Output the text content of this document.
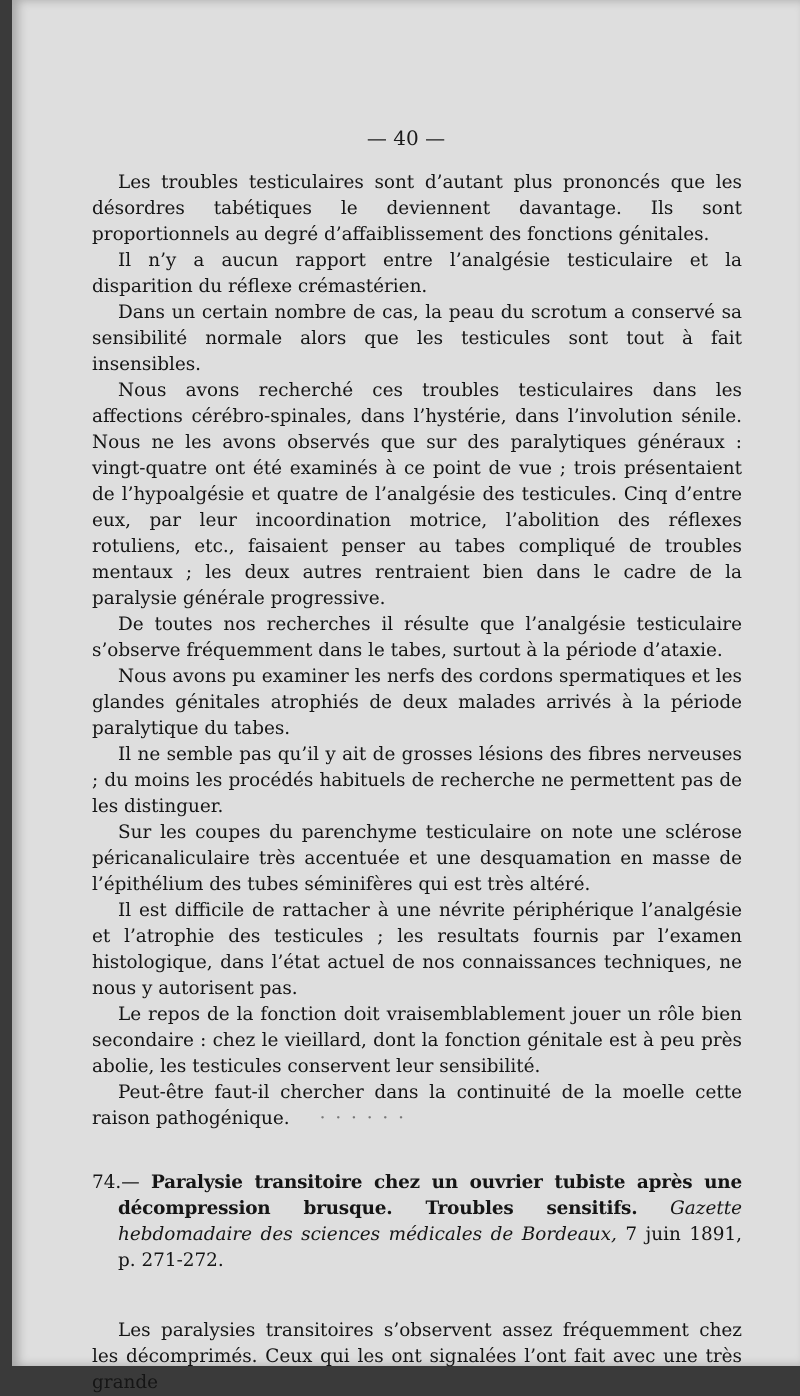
— 40 —

Les troubles testiculaires sont d’autant plus prononcés que les désordres tabétiques le deviennent davantage. Ils sont proportionnels au degré d’affaiblissement des fonctions génitales.

Il n’y a aucun rapport entre l’analgésie testiculaire et la disparition du réflexe crémastérien.

Dans un certain nombre de cas, la peau du scrotum a conservé sa sensibilité normale alors que les testicules sont tout à fait insensibles.

Nous avons recherché ces troubles testiculaires dans les affections cérébro-spinales, dans l’hystérie, dans l’involution sénile. Nous ne les avons observés que sur des paralytiques généraux : vingt-quatre ont été examinés à ce point de vue ; trois présentaient de l’hypoalgésie et quatre de l’analgésie des testicules. Cinq d’entre eux, par leur incoordination motrice, l’abolition des réflexes rotuliens, etc., faisaient penser au tabes compliqué de troubles mentaux ; les deux autres rentraient bien dans le cadre de la paralysie générale progressive.

De toutes nos recherches il résulte que l’analgésie testiculaire s’observe fréquemment dans le tabes, surtout à la période d’ataxie.

Nous avons pu examiner les nerfs des cordons spermatiques et les glandes génitales atrophiés de deux malades arrivés à la période paralytique du tabes.

Il ne semble pas qu’il y ait de grosses lésions des fibres nerveuses ; du moins les procédés habituels de recherche ne permettent pas de les distinguer.

Sur les coupes du parenchyme testiculaire on note une sclérose péricanaliculaire très accentuée et une desquamation en masse de l’épithélium des tubes séminifères qui est très altéré.

Il est difficile de rattacher à une névrite périphérique l’analgésie et l’atrophie des testicules ; les resultats fournis par l’examen histologique, dans l’état actuel de nos connaissances techniques, ne nous y autorisent pas.

Le repos de la fonction doit vraisemblablement jouer un rôle bien secondaire : chez le vieillard, dont la fonction génitale est à peu près abolie, les testicules conservent leur sensibilité.

Peut-être faut-il chercher dans la continuité de la moelle cette raison pathogénique. · · · · · ·

74.— Paralysie transitoire chez un ouvrier tubiste après une décompression brusque. Troubles sensitifs. Gazette hebdomadaire des sciences médicales de Bordeaux, 7 juin 1891, p. 271-272.

Les paralysies transitoires s’observent assez fréquemment chez les décomprimés. Ceux qui les ont signalées l’ont fait avec une très grande
